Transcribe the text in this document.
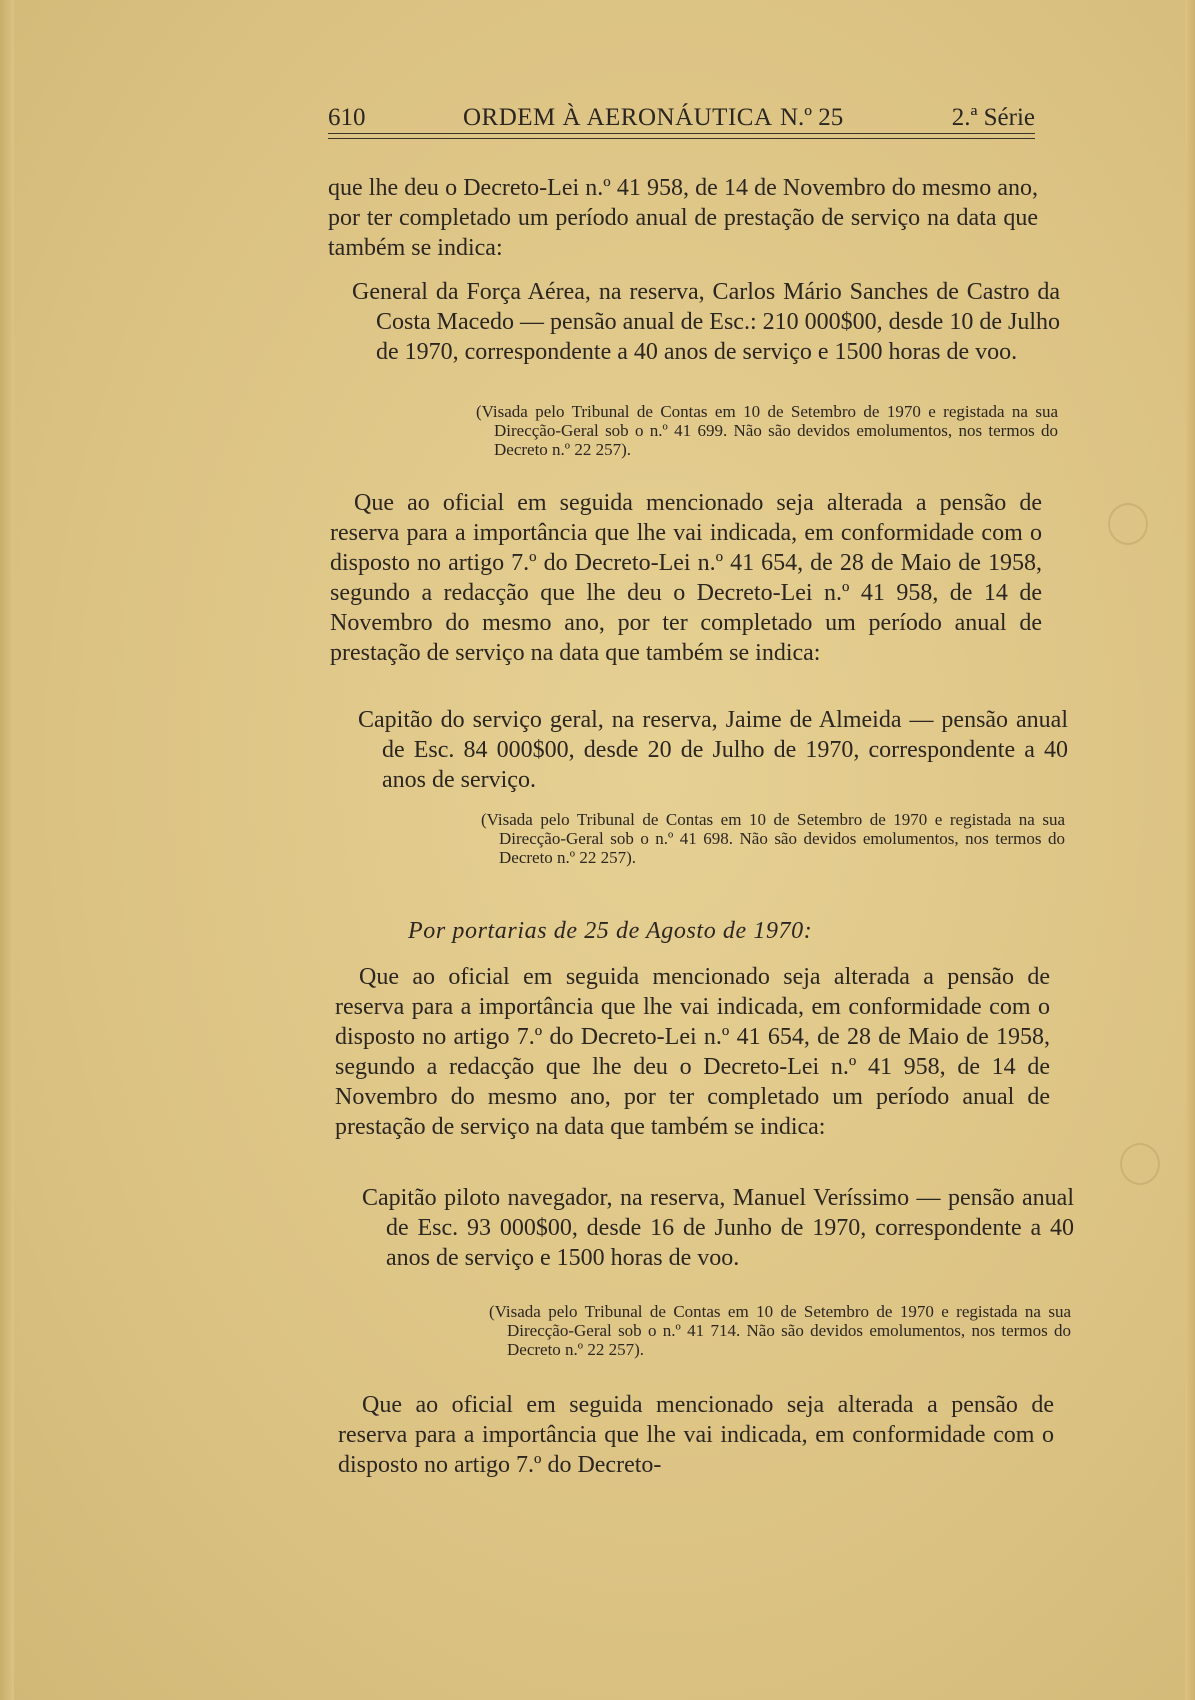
610	ORDEM À AERONÁUTICA N.º 25	2.ª Série

que lhe deu o Decreto-Lei n.º 41 958, de 14 de Novembro do mesmo ano, por ter completado um período anual de prestação de serviço na data que também se indica:

General da Força Aérea, na reserva, Carlos Mário Sanches de Castro da Costa Macedo — pensão anual de Esc.: 210 000$00, desde 10 de Julho de 1970, correspondente a 40 anos de serviço e 1500 horas de voo.

(Visada pelo Tribunal de Contas em 10 de Setembro de 1970 e registada na sua Direcção-Geral sob o n.º 41 699. Não são devidos emolumentos, nos termos do Decreto n.º 22 257).

Que ao oficial em seguida mencionado seja alterada a pensão de reserva para a importância que lhe vai indicada, em conformidade com o disposto no artigo 7.º do Decreto-Lei n.º 41 654, de 28 de Maio de 1958, segundo a redacção que lhe deu o Decreto-Lei n.º 41 958, de 14 de Novembro do mesmo ano, por ter completado um período anual de prestação de serviço na data que também se indica:

Capitão do serviço geral, na reserva, Jaime de Almeida — pensão anual de Esc. 84 000$00, desde 20 de Julho de 1970, correspondente a 40 anos de serviço.

(Visada pelo Tribunal de Contas em 10 de Setembro de 1970 e registada na sua Direcção-Geral sob o n.º 41 698. Não são devidos emolumentos, nos termos do Decreto n.º 22 257).

Por portarias de 25 de Agosto de 1970:

Que ao oficial em seguida mencionado seja alterada a pensão de reserva para a importância que lhe vai indicada, em conformidade com o disposto no artigo 7.º do Decreto-Lei n.º 41 654, de 28 de Maio de 1958, segundo a redacção que lhe deu o Decreto-Lei n.º 41 958, de 14 de Novembro do mesmo ano, por ter completado um período anual de prestação de serviço na data que também se indica:

Capitão piloto navegador, na reserva, Manuel Veríssimo — pensão anual de Esc. 93 000$00, desde 16 de Junho de 1970, correspondente a 40 anos de serviço e 1500 horas de voo.

(Visada pelo Tribunal de Contas em 10 de Setembro de 1970 e registada na sua Direcção-Geral sob o n.º 41 714. Não são devidos emolumentos, nos termos do Decreto n.º 22 257).

Que ao oficial em seguida mencionado seja alterada a pensão de reserva para a importância que lhe vai indicada, em conformidade com o disposto no artigo 7.º do Decreto-
